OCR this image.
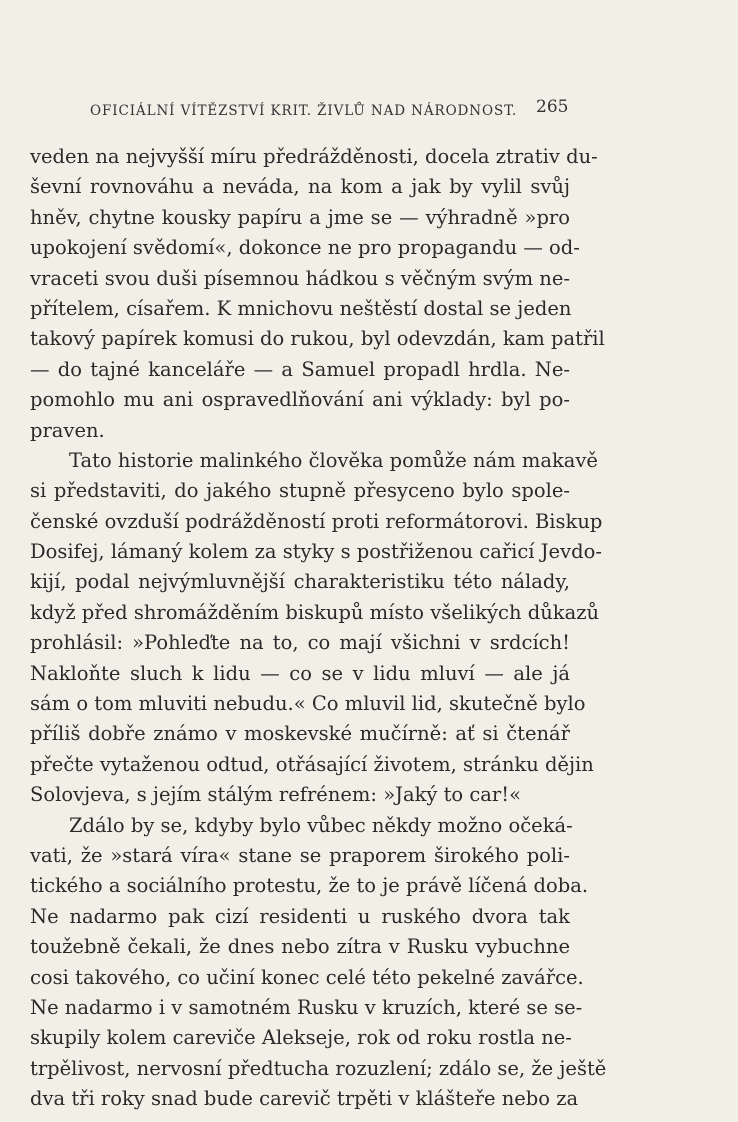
OFICIÁLNÍ VÍTĚZSTVÍ KRIT. ŽIVLŮ NAD NÁRODNOST.	265
veden na nejvyšší míru předrážděnosti, docela ztrativ du-
ševní rovnováhu a neváda, na kom a jak by vylil svůj
hněv, chytne kousky papíru a jme se — výhradně »pro
upokojení svědomí«, dokonce ne pro propagandu — od-
vraceti svou duši písemnou hádkou s věčným svým ne-
přítelem, císařem. K mnichovu neštěstí dostal se jeden
takový papírek komusi do rukou, byl odevzdán, kam patřil
— do tajné kanceláře — a Samuel propadl hrdla. Ne-
pomohlo mu ani ospravedlňování ani výklady: byl po-
praven.
Tato historie malinkého člověka pomůže nám makavě
si představiti, do jakého stupně přesyceno bylo spole-
čenské ovzduší podrážděností proti reformátorovi. Biskup
Dosifej, lámaný kolem za styky s postřiženou cařicí Jevdo-
kijí, podal nejvýmluvnější charakteristiku této nálady,
když před shromážděním biskupů místo všelikých důkazů
prohlásil: »Pohleďte na to, co mají všichni v srdcích!
Nakloňte sluch k lidu — co se v lidu mluví — ale já
sám o tom mluviti nebudu.« Co mluvil lid, skutečně bylo
příliš dobře známo v moskevské mučírně: ať si čtenář
přečte vytaženou odtud, otřásající životem, stránku dějin
Solovjeva, s jejím stálým refrénem: »Jaký to car!«
Zdálo by se, kdyby bylo vůbec někdy možno očeká-
vati, že »stará víra« stane se praporem širokého poli-
tického a sociálního protestu, že to je právě líčená doba.
Ne nadarmo pak cizí residenti u ruského dvora tak
toužebně čekali, že dnes nebo zítra v Rusku vybuchne
cosi takového, co učiní konec celé této pekelné zavářce.
Ne nadarmo i v samotném Rusku v kruzích, které se se-
skupily kolem careviče Alekseje, rok od roku rostla ne-
trpělivost, nervosní předtucha rozuzlení; zdálo se, že ještě
dva tři roky snad bude carevič trpěti v klášteře nebo za
